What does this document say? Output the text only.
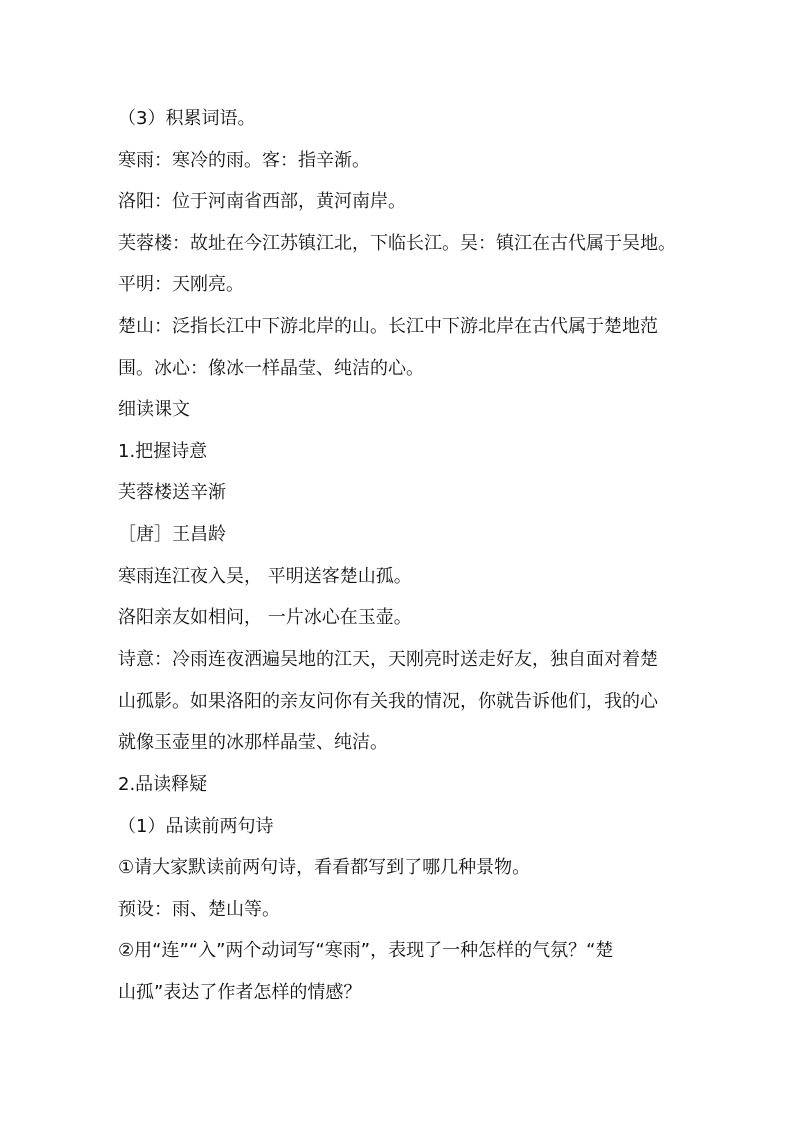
（3）积累词语。
寒雨：寒冷的雨。客：指辛渐。
洛阳：位于河南省西部，黄河南岸。
芙蓉楼：故址在今江苏镇江北，下临长江。吴：镇江在古代属于吴地。
平明：天刚亮。
楚山：泛指长江中下游北岸的山。长江中下游北岸在古代属于楚地范
围。冰心：像冰一样晶莹、纯洁的心。
细读课文
1.把握诗意
芙蓉楼送辛渐
［唐］王昌龄
寒雨连江夜入吴， 平明送客楚山孤。
洛阳亲友如相问， 一片冰心在玉壶。
诗意：冷雨连夜洒遍吴地的江天，天刚亮时送走好友，独自面对着楚
山孤影。如果洛阳的亲友问你有关我的情况，你就告诉他们，我的心
就像玉壶里的冰那样晶莹、纯洁。
2.品读释疑
（1）品读前两句诗
①请大家默读前两句诗，看看都写到了哪几种景物。
预设：雨、楚山等。
②用“连”“入”两个动词写“寒雨”，表现了一种怎样的气氛？“楚
山孤”表达了作者怎样的情感？
